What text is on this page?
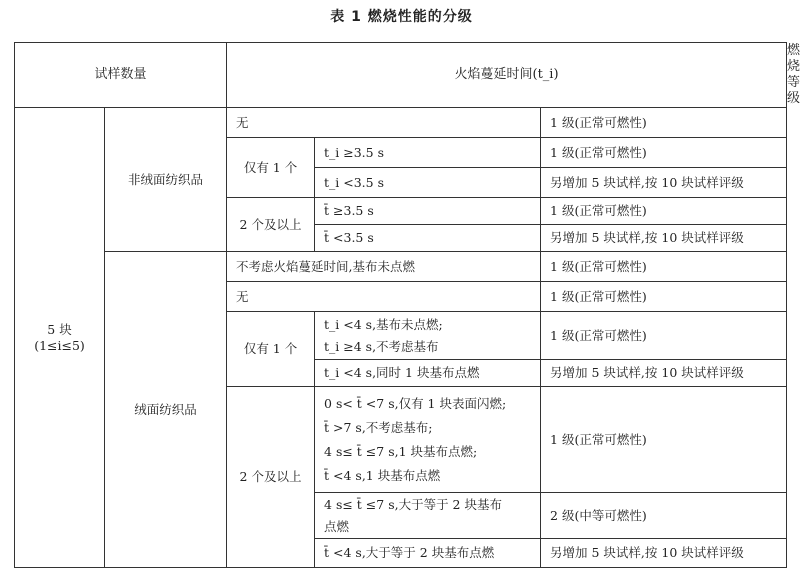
表 1 燃烧性能的分级
试样数量		火焰蔓延时间(t_i)			燃烧等级

5 块
(1≤i≤5)	非绒面纺织品	无		1 级(正常可燃性)	
		仅有 1 个	t_i ≥3.5 s	1 级(正常可燃性)	
			t_i <3.5 s	另增加 5 块试样,按 10 块试样评级	
		2 个及以上	t̄ ≥3.5 s	1 级(正常可燃性)	
			t̄ <3.5 s	另增加 5 块试样,按 10 块试样评级	
	绒面纺织品	不考虑火焰蔓延时间,基布未点燃		1 级(正常可燃性)	
		无		1 级(正常可燃性)	
		仅有 1 个	t_i <4 s,基布未点燃;
t_i ≥4 s,不考虑基布	1 级(正常可燃性)	
			t_i <4 s,同时 1 块基布点燃	另增加 5 块试样,按 10 块试样评级	
		2 个及以上	0 s< t̄ <7 s,仅有 1 块表面闪燃;
t̄ >7 s,不考虑基布;
4 s≤ t̄ ≤7 s,1 块基布点燃;
t̄ <4 s,1 块基布点燃	1 级(正常可燃性)	

			4 s≤ t̄ ≤7 s,大于等于 2 块基布
点燃	2 级(中等可燃性)	
			t̄ <4 s,大于等于 2 块基布点燃	另增加 5 块试样,按 10 块试样评级	
